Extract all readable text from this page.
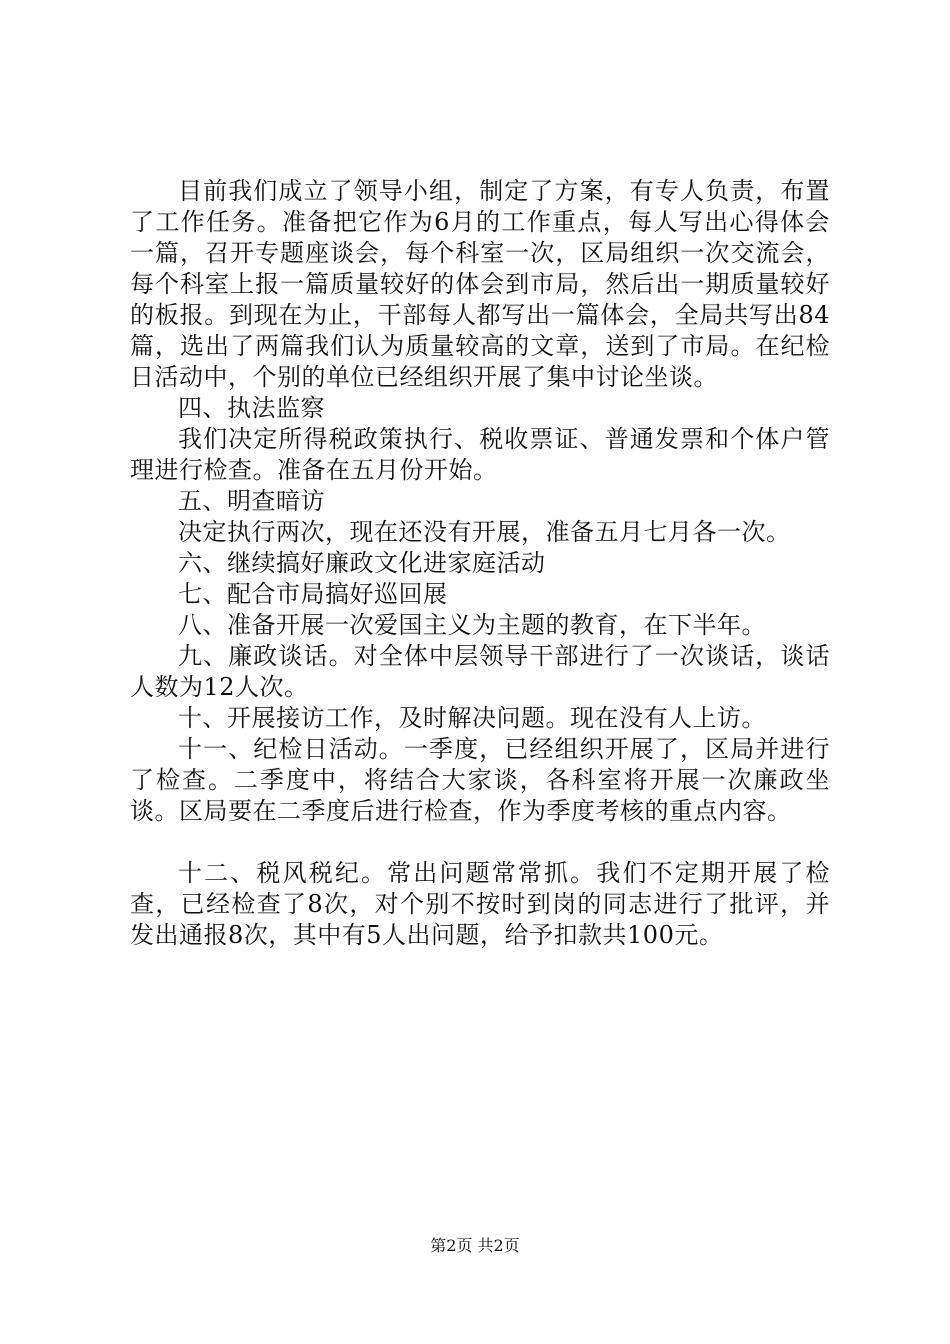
目前我们成立了领导小组，制定了方案，有专人负责，布置了工作任务。准备把它作为6月的工作重点，每人写出心得体会一篇，召开专题座谈会，每个科室一次，区局组织一次交流会，每个科室上报一篇质量较好的体会到市局，然后出一期质量较好的板报。到现在为止，干部每人都写出一篇体会，全局共写出84篇，选出了两篇我们认为质量较高的文章，送到了市局。在纪检日活动中，个别的单位已经组织开展了集中讨论坐谈。

四、执法监察

我们决定所得税政策执行、税收票证、普通发票和个体户管理进行检查。准备在五月份开始。

五、明查暗访

决定执行两次，现在还没有开展，准备五月七月各一次。

六、继续搞好廉政文化进家庭活动

七、配合市局搞好巡回展

八、准备开展一次爱国主义为主题的教育，在下半年。

九、廉政谈话。对全体中层领导干部进行了一次谈话，谈话人数为12人次。

十、开展接访工作，及时解决问题。现在没有人上访。

十一、纪检日活动。一季度，已经组织开展了，区局并进行了检查。二季度中，将结合大家谈，各科室将开展一次廉政坐谈。区局要在二季度后进行检查，作为季度考核的重点内容。

十二、税风税纪。常出问题常常抓。我们不定期开展了检查，已经检查了8次，对个别不按时到岗的同志进行了批评，并发出通报8次，其中有5人出问题，给予扣款共100元。

第2页 共2页
